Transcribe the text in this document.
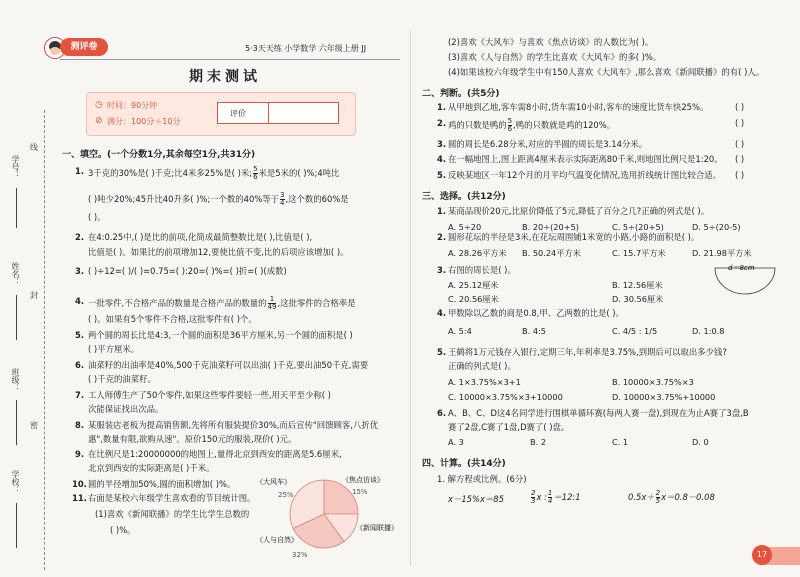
线
封
密
学号：
姓名：
班级：
学校：
测评卷	5·3天天练 小学数学 六年级上册 JJ
期末测试
◷ 时间：90分钟
⊘ 满分：100分＋10分
评价
一、填空。(一个分数1分,其余每空1分,共31分)
1. 3千克的30%是( )千克;比4米多25%是( )米; $\frac{5}{6}$ 米是5米的( )%;4吨比
( )吨少20%;45升比40升多( )%;一个数的40%等于 $\frac{3}{4}$ ,这个数的60%是
( )。
2. 在4:0.25中,( )是比的前项,化简成最简整数比是( ),比值是( ),
比值是( )。如果比的前项增加12,要使比值不变,比的后项应该增加( )。
3. ( )÷12=( )/( )=0.75=( ):20=( )%=( )折=( )(成数)
4. 一批零件,不合格产品的数量是合格产品的数量的 $\frac{1}{49}$ ,这批零件的合格率是
( )。如果有5个零件不合格,这批零件有( )个。
5. 两个圆的周长比是4:3,一个圆的面积是36平方厘米,另一个圆的面积是( )
( )平方厘米。
6. 油菜籽的出油率是40%,500千克油菜籽可以出油( )千克,要出油50千克,需要
( )千克的油菜籽。
7. 工人师傅生产了50个零件,如果这些零件要轻一些,用天平至少称( )
次能保证找出次品。
8. 某服装店老板为提高销售额,先将所有服装提价30%,而后宣传"回馈顾客,八折优
惠",数量有限,欲购从速"。原价150元的服装,现价( )元。
9. 在比例尺是1:20000000的地图上,量得北京到西安的距离是5.6厘米,
北京到西安的实际距离是( )千米。
10. 圆的半径增加50%,圆的面积增加( )%。
11. 右面是某校六年级学生喜欢看的节目统计图。
(1)喜欢《新闻联播》的学生比学生总数的
( )%。
《大风车》
25%
《焦点访谈》
15%
《新闻联播》
《人与自然》
32%
(2)喜欢《大风车》与喜欢《焦点访谈》的人数比为( )。
(3)喜欢《人与自然》的学生比喜欢《大风车》的多( )%。
(4)如果该校六年级学生中有150人喜欢《大风车》,那么喜欢《新闻联播》的有( )人。
二、判断。(共5分)
1. 从甲地到乙地,客车需8小时,货车需10小时,客车的速度比货车快25%。	( )
2. 鸡的只数是鸭的 $\frac{5}{6}$ ,鸭的只数就是鸡的120%。	( )
3. 圆的周长是6.28分米,对应的半圆的周长是3.14分米。	( )
4. 在一幅地图上,图上距离4厘米表示实际距离80千米,则地图比例尺是1:20。 ( )
5. 反映某地区一年12个月的月平均气温变化情况,选用折线统计图比较合适。 ( )
三、选择。(共12分)
1. 某商品现价20元,比原价降低了5元,降低了百分之几?正确的列式是( )。
A. 5÷20	B. 20÷(20+5)	C. 5÷(20+5)	D. 5÷(20-5)
2. 圆形花坛的半径是3米,在花坛周围铺1米宽的小路,小路的面积是( )。
A. 28.26平方米 B. 50.24平方米	C. 15.7平方米	D. 21.98平方米
3. 右图的周长是( )。
A. 25.12厘米	B. 12.56厘米
C. 20.56厘米	D. 30.56厘米
d＝8cm
4. 甲数除以乙数的商是0.8,甲、乙两数的比是( )。
A. 5:4	B. 4:5	C. 4/5 : 1/5	D. 1:0.8
5. 王鹤将1万元钱存入银行,定期三年,年利率是3.75%,到期后可以取出多少钱?
正确的列式是( )。
A. 1×3.75%×3+1	B. 10000×3.75%×3
C. 10000×3.75%×3+10000	D. 10000×3.75%+10000
6. A、B、C、D这4名同学进行围棋单循环赛(每两人赛一盘),到现在为止A赛了3盘,B
赛了2盘,C赛了1盘,D赛了( )盘。
A. 3	B. 2	C. 1	D. 0
四、计算。(共14分)
1. 解方程或比例。(6分)
x－15%x＝85	$\frac{2}{3}$ x : $\frac{1}{4}$ ＝12:1	$0.5x+ \frac{2}{5} x=0.8-0.08$
17
